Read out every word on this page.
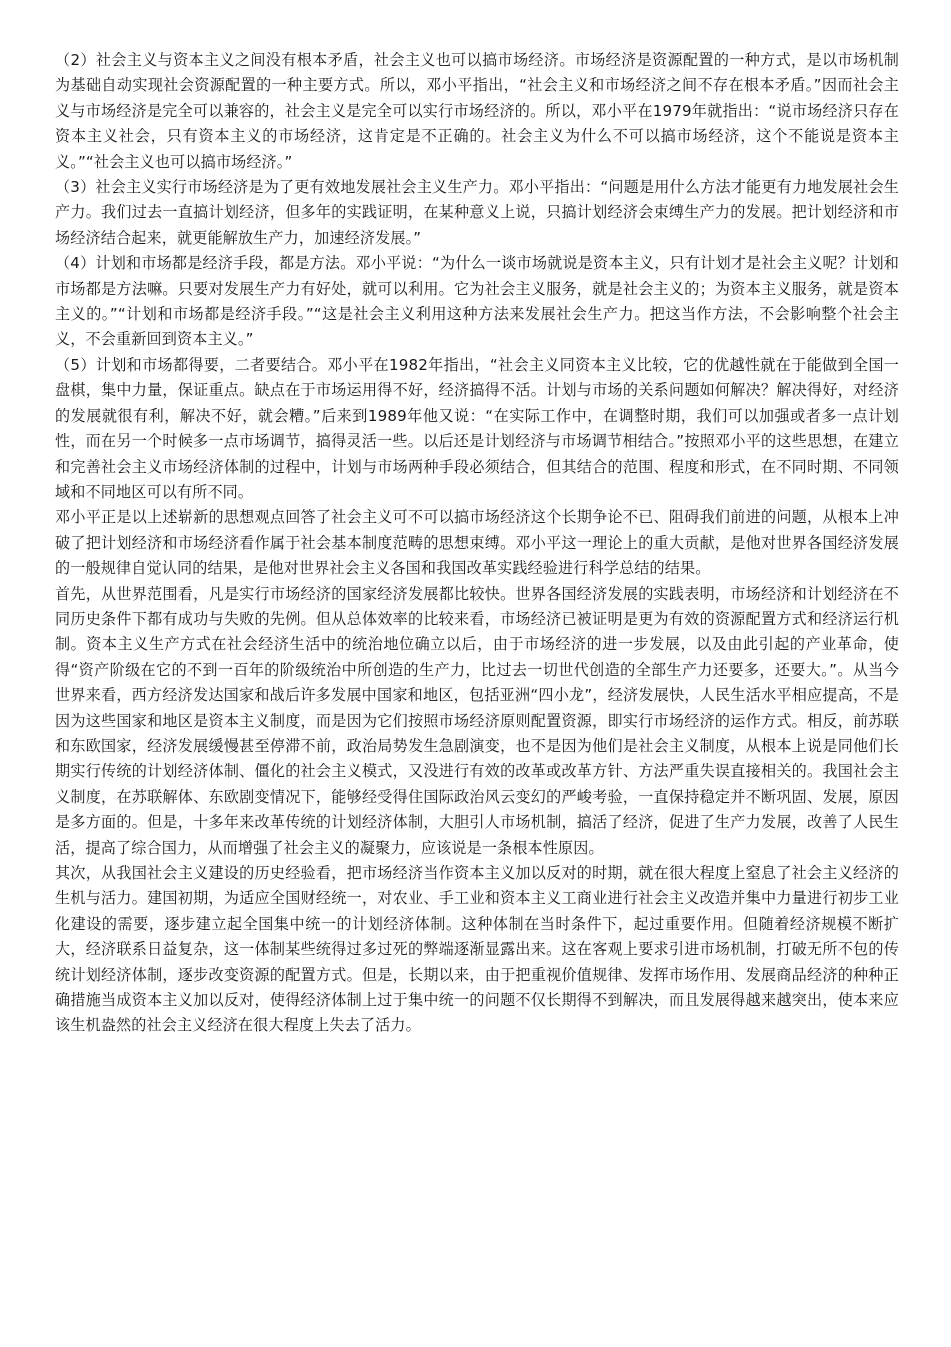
（2）社会主义与资本主义之间没有根本矛盾，社会主义也可以搞市场经济。市场经济是资源配置的一种方式，是以市场机制为基础自动实现社会资源配置的一种主要方式。所以，邓小平指出，“社会主义和市场经济之间不存在根本矛盾。”因而社会主义与市场经济是完全可以兼容的，社会主义是完全可以实行市场经济的。所以，邓小平在1979年就指出：“说市场经济只存在资本主义社会，只有资本主义的市场经济，这肯定是不正确的。社会主义为什么不可以搞市场经济，这个不能说是资本主义。”“社会主义也可以搞市场经济。”

（3）社会主义实行市场经济是为了更有效地发展社会主义生产力。邓小平指出：“问题是用什么方法才能更有力地发展社会生产力。我们过去一直搞计划经济，但多年的实践证明，在某种意义上说，只搞计划经济会束缚生产力的发展。把计划经济和市场经济结合起来，就更能解放生产力，加速经济发展。”

（4）计划和市场都是经济手段，都是方法。邓小平说：“为什么一谈市场就说是资本主义，只有计划才是社会主义呢？计划和市场都是方法嘛。只要对发展生产力有好处，就可以利用。它为社会主义服务，就是社会主义的；为资本主义服务，就是资本主义的。”“计划和市场都是经济手段。”“这是社会主义利用这种方法来发展社会生产力。把这当作方法，不会影响整个社会主义，不会重新回到资本主义。”

（5）计划和市场都得要，二者要结合。邓小平在1982年指出，“社会主义同资本主义比较，它的优越性就在于能做到全国一盘棋，集中力量，保证重点。缺点在于市场运用得不好，经济搞得不活。计划与市场的关系问题如何解决？解决得好，对经济的发展就很有利，解决不好，就会糟。”后来到1989年他又说：“在实际工作中，在调整时期，我们可以加强或者多一点计划性，而在另一个时候多一点市场调节，搞得灵活一些。以后还是计划经济与市场调节相结合。”按照邓小平的这些思想，在建立和完善社会主义市场经济体制的过程中，计划与市场两种手段必须结合，但其结合的范围、程度和形式，在不同时期、不同领域和不同地区可以有所不同。

邓小平正是以上述崭新的思想观点回答了社会主义可不可以搞市场经济这个长期争论不已、阻碍我们前进的问题，从根本上冲破了把计划经济和市场经济看作属于社会基本制度范畴的思想束缚。邓小平这一理论上的重大贡献，是他对世界各国经济发展的一般规律自觉认同的结果，是他对世界社会主义各国和我国改革实践经验进行科学总结的结果。

首先，从世界范围看，凡是实行市场经济的国家经济发展都比较快。世界各国经济发展的实践表明，市场经济和计划经济在不同历史条件下都有成功与失败的先例。但从总体效率的比较来看，市场经济已被证明是更为有效的资源配置方式和经济运行机制。资本主义生产方式在社会经济生活中的统治地位确立以后，由于市场经济的进一步发展，以及由此引起的产业革命，使得“资产阶级在它的不到一百年的阶级统治中所创造的生产力，比过去一切世代创造的全部生产力还要多，还要大。”。从当今世界来看，西方经济发达国家和战后许多发展中国家和地区，包括亚洲“四小龙”，经济发展快，人民生活水平相应提高，不是因为这些国家和地区是资本主义制度，而是因为它们按照市场经济原则配置资源，即实行市场经济的运作方式。相反，前苏联和东欧国家，经济发展缓慢甚至停滞不前，政治局势发生急剧演变，也不是因为他们是社会主义制度，从根本上说是同他们长期实行传统的计划经济体制、僵化的社会主义模式，又没进行有效的改革或改革方针、方法严重失误直接相关的。我国社会主义制度，在苏联解体、东欧剧变情况下，能够经受得住国际政治风云变幻的严峻考验，一直保持稳定并不断巩固、发展，原因是多方面的。但是，十多年来改革传统的计划经济体制，大胆引人市场机制，搞活了经济，促进了生产力发展，改善了人民生活，提高了综合国力，从而增强了社会主义的凝聚力，应该说是一条根本性原因。

其次，从我国社会主义建设的历史经验看，把市场经济当作资本主义加以反对的时期，就在很大程度上窒息了社会主义经济的生机与活力。建国初期，为适应全国财经统一，对农业、手工业和资本主义工商业进行社会主义改造并集中力量进行初步工业化建设的需要，逐步建立起全国集中统一的计划经济体制。这种体制在当时条件下，起过重要作用。但随着经济规模不断扩大，经济联系日益复杂，这一体制某些统得过多过死的弊端逐渐显露出来。这在客观上要求引进市场机制，打破无所不包的传统计划经济体制，逐步改变资源的配置方式。但是，长期以来，由于把重视价值规律、发挥市场作用、发展商品经济的种种正确措施当成资本主义加以反对，使得经济体制上过于集中统一的问题不仅长期得不到解决，而且发展得越来越突出，使本来应该生机盎然的社会主义经济在很大程度上失去了活力。
